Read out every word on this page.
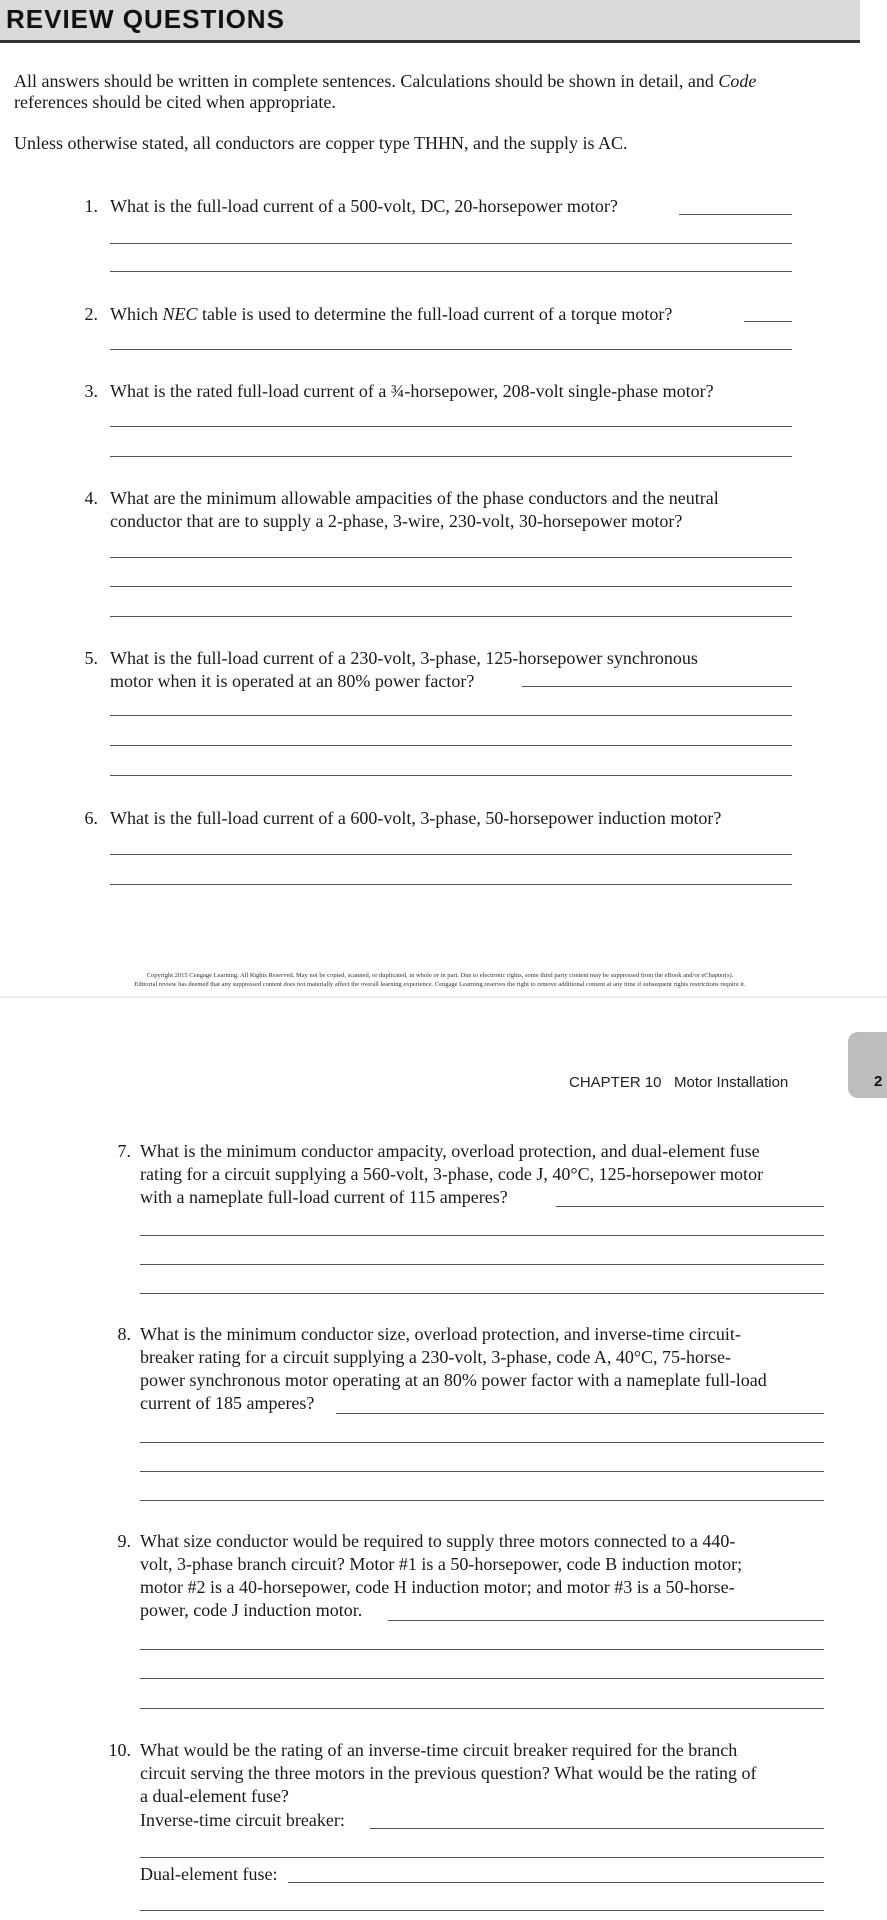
REVIEW QUESTIONS
All answers should be written in complete sentences. Calculations should be shown in detail, and Code
references should be cited when appropriate.
Unless otherwise stated, all conductors are copper type THHN, and the supply is AC.
1. What is the full-load current of a 500-volt, DC, 20-horsepower motor?
2. Which NEC table is used to determine the full-load current of a torque motor?
3. What is the rated full-load current of a ¾-horsepower, 208-volt single-phase motor?
4. What are the minimum allowable ampacities of the phase conductors and the neutral
conductor that are to supply a 2-phase, 3-wire, 230-volt, 30-horsepower motor?
5. What is the full-load current of a 230-volt, 3-phase, 125-horsepower synchronous
motor when it is operated at an 80% power factor?
6. What is the full-load current of a 600-volt, 3-phase, 50-horsepower induction motor?
Copyright 2015 Cengage Learning. All Rights Reserved. May not be copied, scanned, or duplicated, in whole or in part. Due to electronic rights, some third party content may be suppressed from the eBook and/or eChapter(s).
Editorial review has deemed that any suppressed content does not materially affect the overall learning experience. Cengage Learning reserves the right to remove additional content at any time if subsequent rights restrictions require it.
2
CHAPTER 10 Motor Installation
7. What is the minimum conductor ampacity, overload protection, and dual-element fuse
rating for a circuit supplying a 560-volt, 3-phase, code J, 40°C, 125-horsepower motor
with a nameplate full-load current of 115 amperes?
8. What is the minimum conductor size, overload protection, and inverse-time circuit-
breaker rating for a circuit supplying a 230-volt, 3-phase, code A, 40°C, 75-horse-
power synchronous motor operating at an 80% power factor with a nameplate full-load
current of 185 amperes?
9. What size conductor would be required to supply three motors connected to a 440-
volt, 3-phase branch circuit? Motor #1 is a 50-horsepower, code B induction motor;
motor #2 is a 40-horsepower, code H induction motor; and motor #3 is a 50-horse-
power, code J induction motor.
10. What would be the rating of an inverse-time circuit breaker required for the branch
circuit serving the three motors in the previous question? What would be the rating of
a dual-element fuse?
Inverse-time circuit breaker:
Dual-element fuse:
